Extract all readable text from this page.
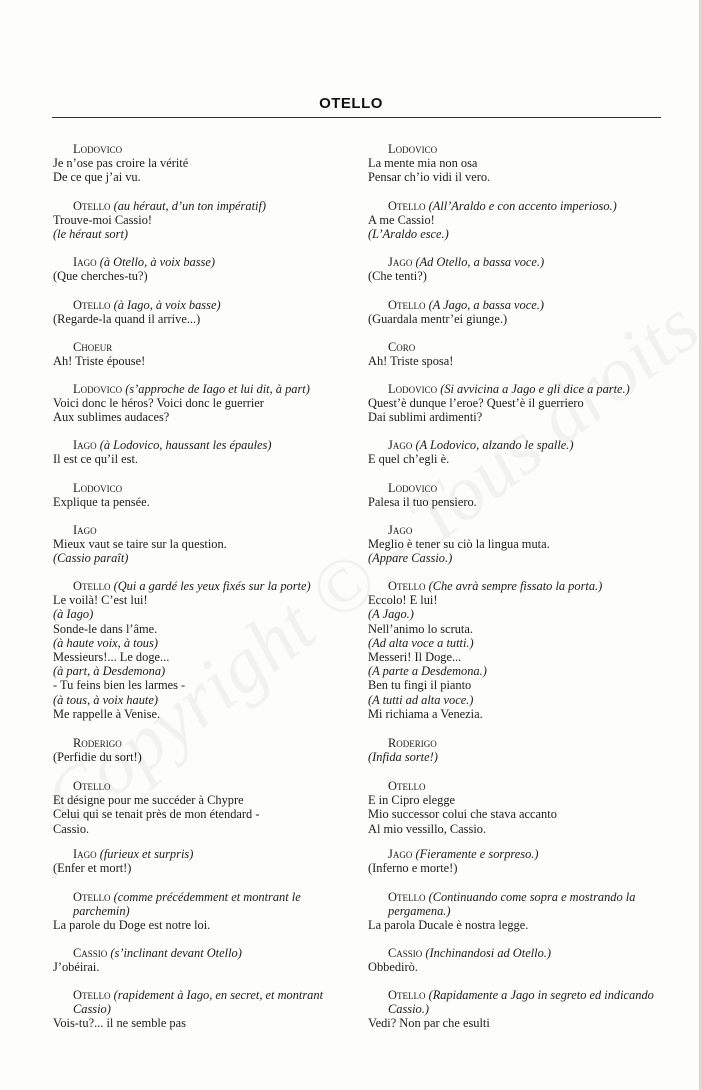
OTELLO
Lodovico
Je n’ose pas croire la vérité
De ce que j’ai vu.
Otello (au héraut, d’un ton impératif)
Trouve-moi Cassio!
(le héraut sort)
Iago (à Otello, à voix basse)
(Que cherches-tu?)
Otello (à Iago, à voix basse)
(Regarde-la quand il arrive...)
Choeur
Ah! Triste épouse!
Lodovico (s’approche de Iago et lui dit, à part)
Voici donc le héros? Voici donc le guerrier
Aux sublimes audaces?
Iago (à Lodovico, haussant les épaules)
Il est ce qu’il est.
Lodovico
Explique ta pensée.
Iago
Mieux vaut se taire sur la question.
(Cassio paraît)
Otello (Qui a gardé les yeux fixés sur la porte)
Le voilà! C’est lui!
(à Iago)
Sonde-le dans l’âme.
(à haute voix, à tous)
Messieurs!... Le doge...
(à part, à Desdemona)
- Tu feins bien les larmes -
(à tous, à voix haute)
Me rappelle à Venise.
Roderigo
(Perfidie du sort!)
Otello
Et désigne pour me succéder à Chypre
Celui qui se tenait près de mon étendard -
Cassio.
Iago (furieux et surpris)
(Enfer et mort!)
Otello (comme précédemment et montrant le parchemin)
La parole du Doge est notre loi.
Cassio (s’inclinant devant Otello)
J’obéirai.
Otello (rapidement à Iago, en secret, et montrant Cassio)
Vois-tu?... il ne semble pas
Lodovico
La mente mia non osa
Pensar ch’io vidi il vero.
Otello (All’Araldo e con accento imperioso.)
A me Cassio!
(L’Araldo esce.)
Jago (Ad Otello, a bassa voce.)
(Che tenti?)
Otello (A Jago, a bassa voce.)
(Guardala mentr’ei giunge.)
Coro
Ah! Triste sposa!
Lodovico (Si avvicina a Jago e gli dice a parte.)
Quest’è dunque l’eroe? Quest’è il guerriero
Dai sublimi ardimenti?
Jago (A Lodovico, alzando le spalle.)
E quel ch’egli è.
Lodovico
Palesa il tuo pensiero.
Jago
Meglio è tener su ciò la lingua muta.
(Appare Cassio.)
Otello (Che avrà sempre fissato la porta.)
Eccolo! E lui!
(A Jago.)
Nell’animo lo scruta.
(Ad alta voce a tutti.)
Messeri! Il Doge...
(A parte a Desdemona.)
Ben tu fingi il pianto
(A tutti ad alta voce.)
Mi richiama a Venezia.
Roderigo
(Infida sorte!)
Otello
E in Cipro elegge
Mio successor colui che stava accanto
Al mio vessillo, Cassio.
Jago (Fieramente e sorpreso.)
(Inferno e morte!)
Otello (Continuando come sopra e mostrando la pergamena.)
La parola Ducale è nostra legge.
Cassio (Inchinandosi ad Otello.)
Obbedirò.
Otello (Rapidamente a Jago in segreto ed indicando Cassio.)
Vedi? Non par che esulti
